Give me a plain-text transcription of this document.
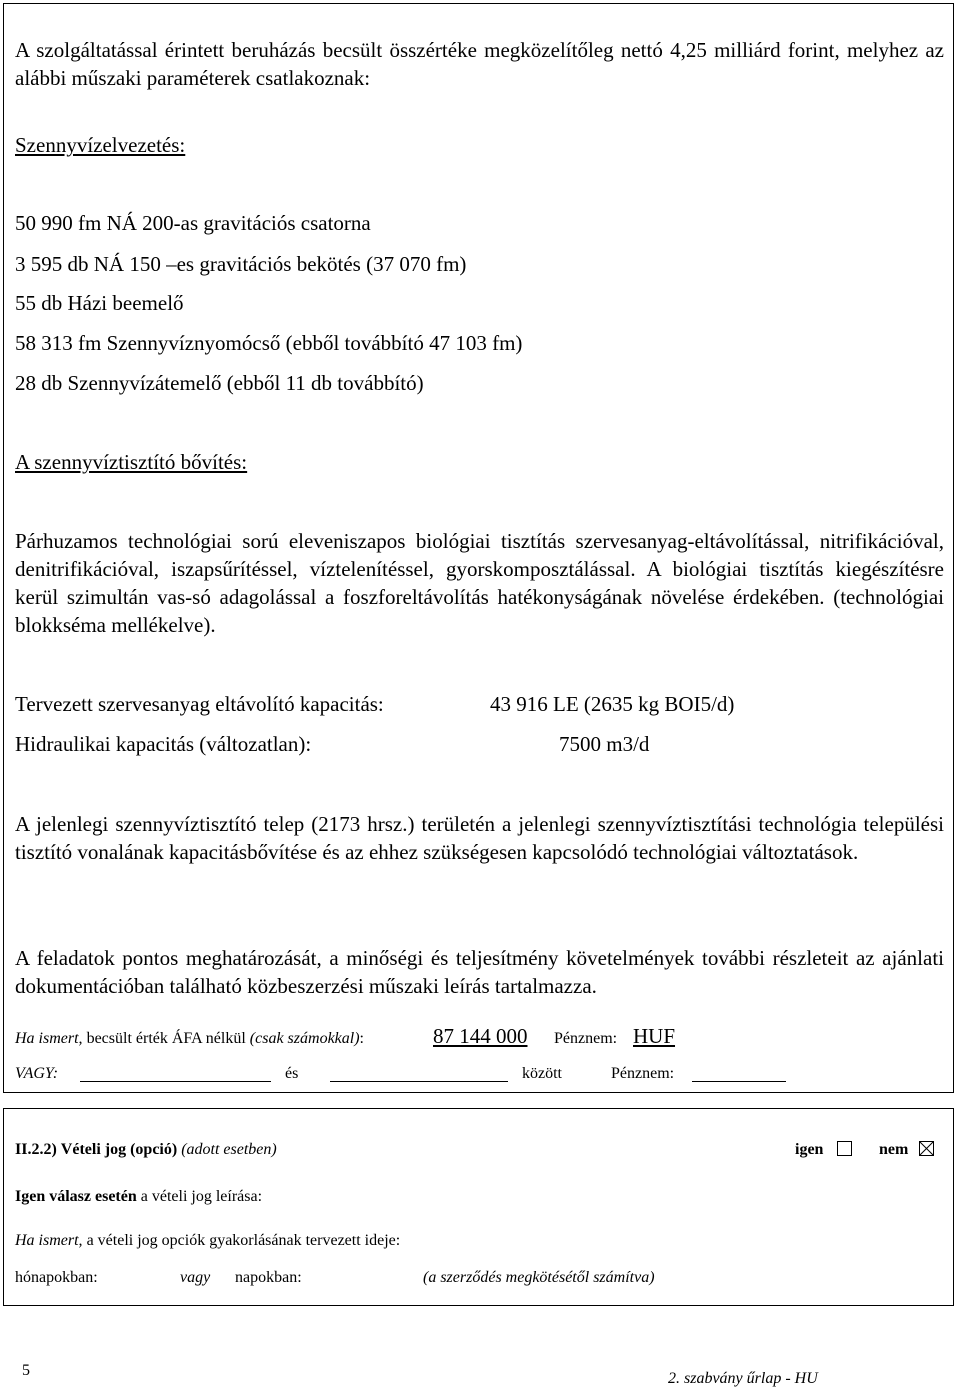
A szolgáltatással érintett beruházás becsült összértéke megközelítőleg nettó 4,25 milliárd forint, melyhez az alábbi műszaki paraméterek csatlakoznak:
Szennyvízelvezetés:
50 990 fm NÁ 200-as gravitációs csatorna
3 595 db NÁ 150 –es gravitációs bekötés (37 070 fm)
55 db Házi beemelő
58 313 fm Szennyvíznyomócső (ebből továbbító 47 103 fm)
28 db Szennyvízátemelő (ebből 11 db továbbító)
A szennyvíztisztító bővítés:
Párhuzamos technológiai sorú eleveniszapos biológiai tisztítás szervesanyag-eltávolítással, nitrifikációval, denitrifikációval, iszapsűrítéssel, víztelenítéssel, gyorskomposztálással. A biológiai tisztítás kiegészítésre kerül szimultán vas-só adagolással a foszforeltávolítás hatékonyságának növelése érdekében. (technológiai blokkséma mellékelve).
Tervezett szervesanyag eltávolító kapacitás:	43 916 LE (2635 kg BOI5/d)
Hidraulikai kapacitás (változatlan):	7500 m3/d
A jelenlegi szennyvíztisztító telep (2173 hrsz.) területén a jelenlegi szennyvíztisztítási technológia települési tisztító vonalának kapacitásbővítése és az ehhez szükségesen kapcsolódó technológiai változtatások.
A feladatok pontos meghatározását, a minőségi és teljesítmény követelmények további részleteit az ajánlati dokumentációban található közbeszerzési műszaki leírás tartalmazza.
Ha ismert, becsült érték ÁFA nélkül (csak számokkal):	87 144 000 Pénznem: HUF
VAGY:	és	között	Pénznem:
II.2.2) Vételi jog (opció) (adott esetben)	igen	nem
Igen válasz esetén a vételi jog leírása:
Ha ismert, a vételi jog opciók gyakorlásának tervezett ideje:
hónapokban:	vagy napokban:	(a szerződés megkötésétől számítva)
5	2. szabvány űrlap - HU
